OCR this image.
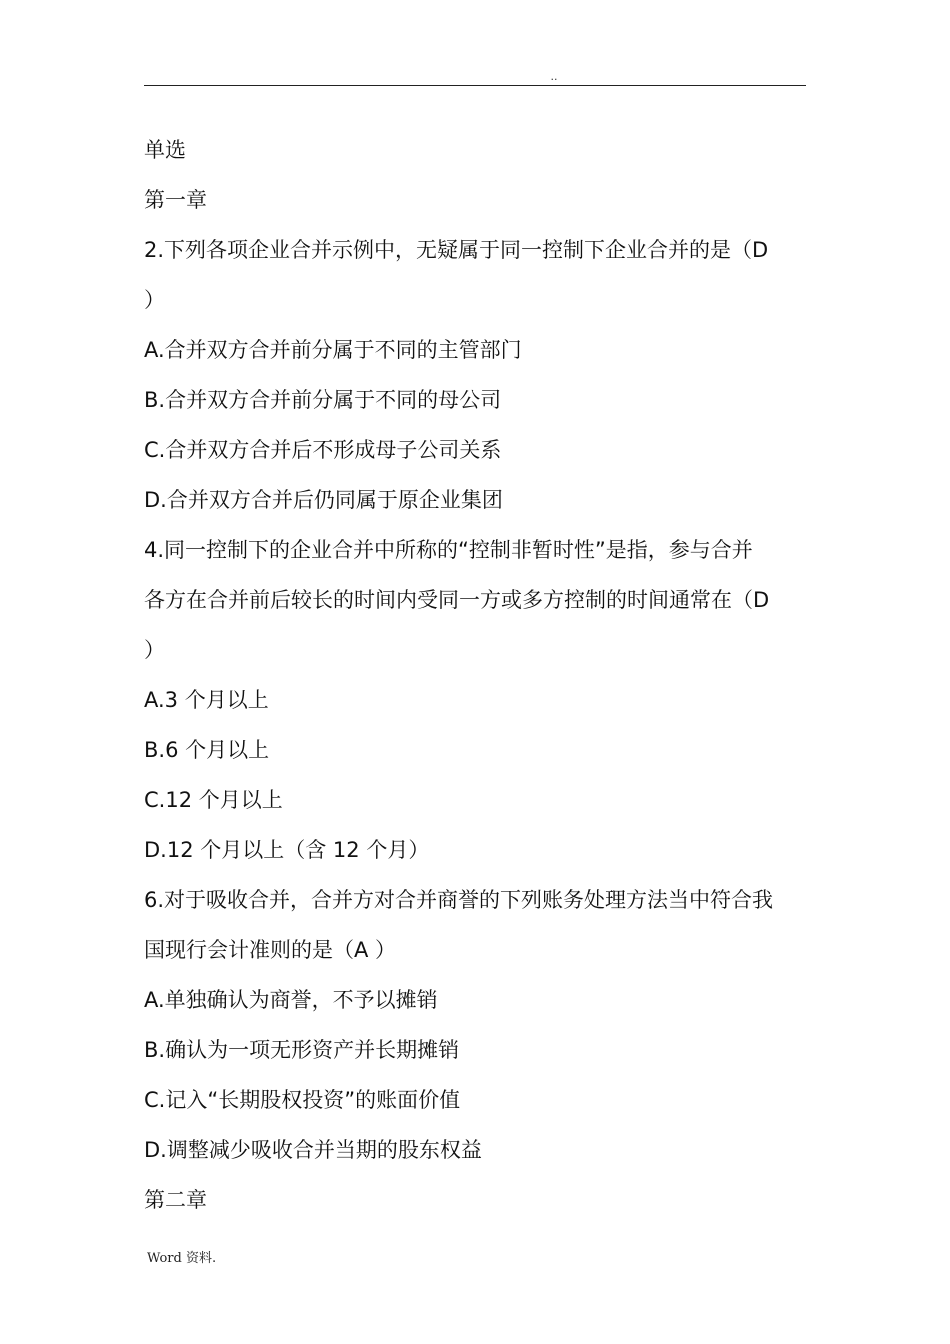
..
单选
第一章
2.下列各项企业合并示例中，无疑属于同一控制下企业合并的是（D
）
A.合并双方合并前分属于不同的主管部门
B.合并双方合并前分属于不同的母公司
C.合并双方合并后不形成母子公司关系
D.合并双方合并后仍同属于原企业集团
4.同一控制下的企业合并中所称的“控制非暂时性”是指，参与合并
各方在合并前后较长的时间内受同一方或多方控制的时间通常在（D
）
A.3 个月以上
B.6 个月以上
C.12 个月以上
D.12 个月以上（含 12 个月）
6.对于吸收合并，合并方对合并商誉的下列账务处理方法当中符合我
国现行会计准则的是（A ）
A.单独确认为商誉，不予以摊销
B.确认为一项无形资产并长期摊销
C.记入“长期股权投资”的账面价值
D.调整减少吸收合并当期的股东权益
第二章
Word 资料.
